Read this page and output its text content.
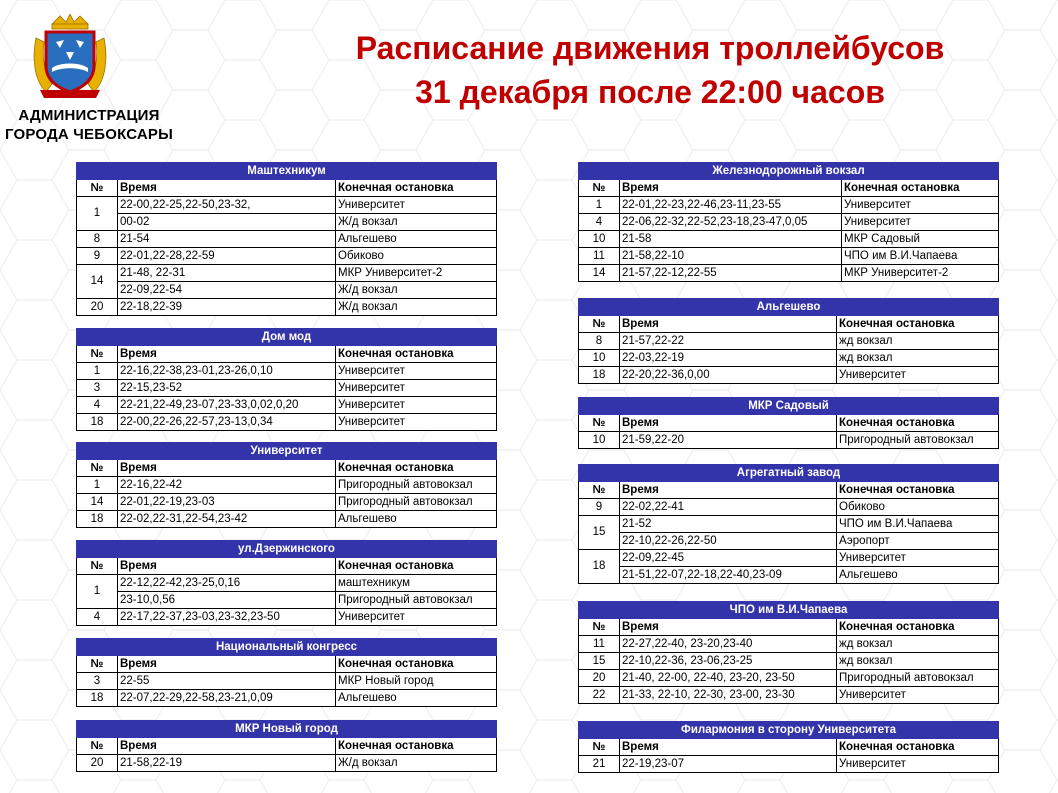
АДМИНИСТРАЦИЯ
ГОРОДА ЧЕБОКСАРЫ
Расписание движения троллейбусов
31 декабря после 22:00 часов
Маштехникум		
№	Время	Конечная остановка
1	22-00,22-25,22-50,23-32,	Университет
	00-02	Ж/д вокзал
8	21-54	Альгешево
9	22-01,22-28,22-59	Обиково
14	21-48, 22-31	МКР Университет-2
	22-09,22-54	Ж/д вокзал
20	22-18,22-39	Ж/д вокзал
Дом мод		
№	Время	Конечная остановка
1	22-16,22-38,23-01,23-26,0,10	Университет
3	22-15,23-52	Университет
4	22-21,22-49,23-07,23-33,0,02,0,20	Университет
18	22-00,22-26,22-57,23-13,0,34	Университет
Университет		
№	Время	Конечная остановка
1	22-16,22-42	Пригородный автовокзал
14	22-01,22-19,23-03	Пригородный автовокзал
18	22-02,22-31,22-54,23-42	Альгешево
ул.Дзержинского		
№	Время	Конечная остановка
1	22-12,22-42,23-25,0,16	маштехникум
	23-10,0,56	Пригородный автовокзал
4	22-17,22-37,23-03,23-32,23-50	Университет
Национальный конгресс		
№	Время	Конечная остановка
3	22-55	МКР Новый город
18	22-07,22-29,22-58,23-21,0,09	Альгешево
МКР Новый город		
№	Время	Конечная остановка
20	21-58,22-19	Ж/д вокзал
Железнодорожный вокзал		
№	Время	Конечная остановка
1	22-01,22-23,22-46,23-11,23-55	Университет
4	22-06,22-32,22-52,23-18,23-47,0,05	Университет
10	21-58	МКР Садовый
11	21-58,22-10	ЧПО им В.И.Чапаева
14	21-57,22-12,22-55	МКР Университет-2
Альгешево		
№	Время	Конечная остановка
8	21-57,22-22	жд вокзал
10	22-03,22-19	жд вокзал
18	22-20,22-36,0,00	Университет
МКР Садовый		
№	Время	Конечная остановка
10	21-59,22-20	Пригородный автовокзал
Агрегатный завод		
№	Время	Конечная остановка
9	22-02,22-41	Обиково
15	21-52	ЧПО им В.И.Чапаева
	22-10,22-26,22-50	Аэропорт
18	22-09,22-45	Университет
	21-51,22-07,22-18,22-40,23-09	Альгешево
ЧПО им В.И.Чапаева		
№	Время	Конечная остановка
11	22-27,22-40, 23-20,23-40	жд вокзал
15	22-10,22-36, 23-06,23-25	жд вокзал
20	21-40, 22-00, 22-40, 23-20, 23-50	Пригородный автовокзал
22	21-33, 22-10, 22-30, 23-00, 23-30	Университет
Филармония в сторону Университета		
№	Время	Конечная остановка
21	22-19,23-07	Университет
